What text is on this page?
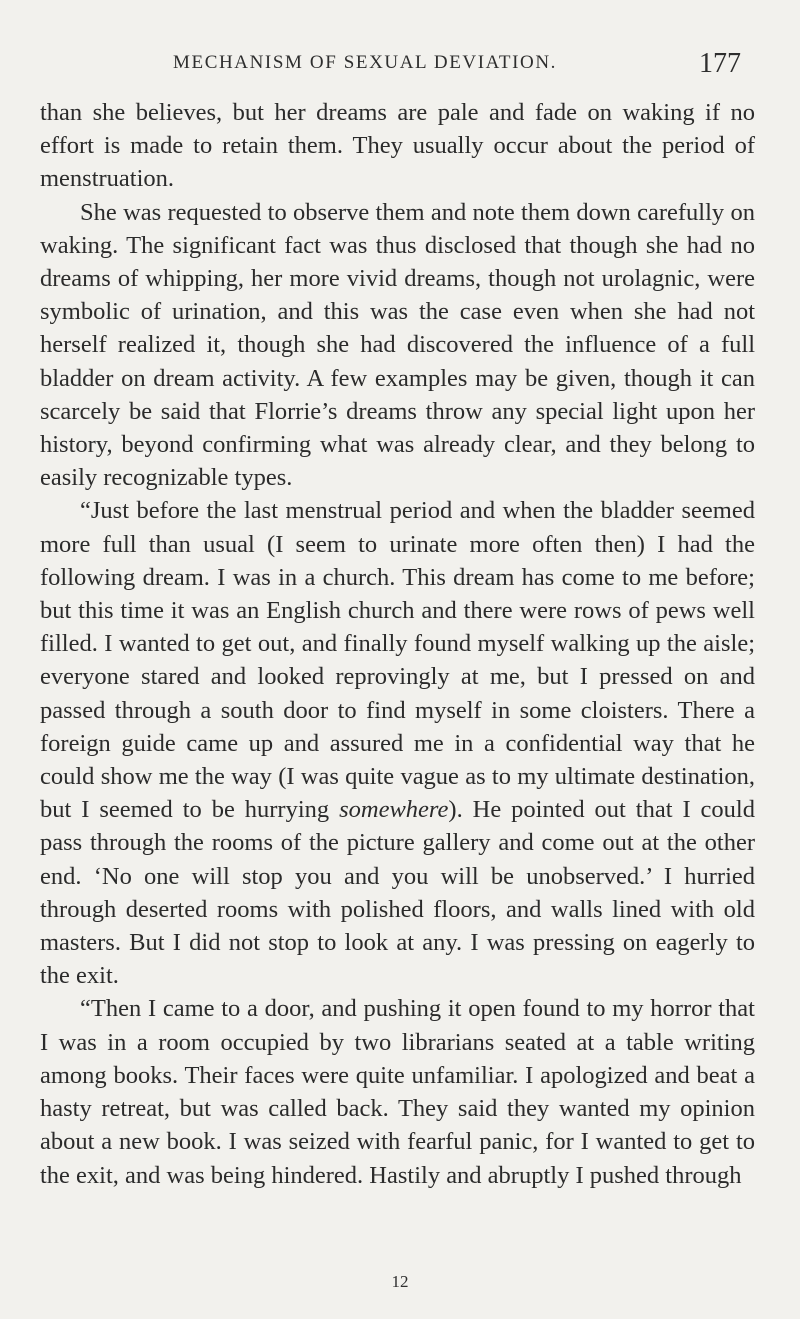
MECHANISM OF SEXUAL DEVIATION.	177

than she believes, but her dreams are pale and fade on waking if no effort is made to retain them. They usually occur about the period of menstruation.

She was requested to observe them and note them down carefully on waking. The significant fact was thus disclosed that though she had no dreams of whipping, her more vivid dreams, though not urolagnic, were symbolic of urination, and this was the case even when she had not herself realized it, though she had discovered the influence of a full bladder on dream activity. A few examples may be given, though it can scarcely be said that Florrie’s dreams throw any special light upon her history, beyond confirming what was already clear, and they belong to easily recognizable types.

“Just before the last menstrual period and when the bladder seemed more full than usual (I seem to urinate more often then) I had the following dream. I was in a church. This dream has come to me before; but this time it was an English church and there were rows of pews well filled. I wanted to get out, and finally found myself walking up the aisle; everyone stared and looked reprovingly at me, but I pressed on and passed through a south door to find myself in some cloisters. There a foreign guide came up and assured me in a confidential way that he could show me the way (I was quite vague as to my ultimate destination, but I seemed to be hurrying somewhere). He pointed out that I could pass through the rooms of the picture gallery and come out at the other end. ‘No one will stop you and you will be unobserved.’ I hurried through deserted rooms with polished floors, and walls lined with old masters. But I did not stop to look at any. I was pressing on eagerly to the exit.

“Then I came to a door, and pushing it open found to my horror that I was in a room occupied by two librarians seated at a table writing among books. Their faces were quite unfamiliar. I apologized and beat a hasty retreat, but was called back. They said they wanted my opinion about a new book. I was seized with fearful panic, for I wanted to get to the exit, and was being hindered. Hastily and abruptly I pushed through

12
